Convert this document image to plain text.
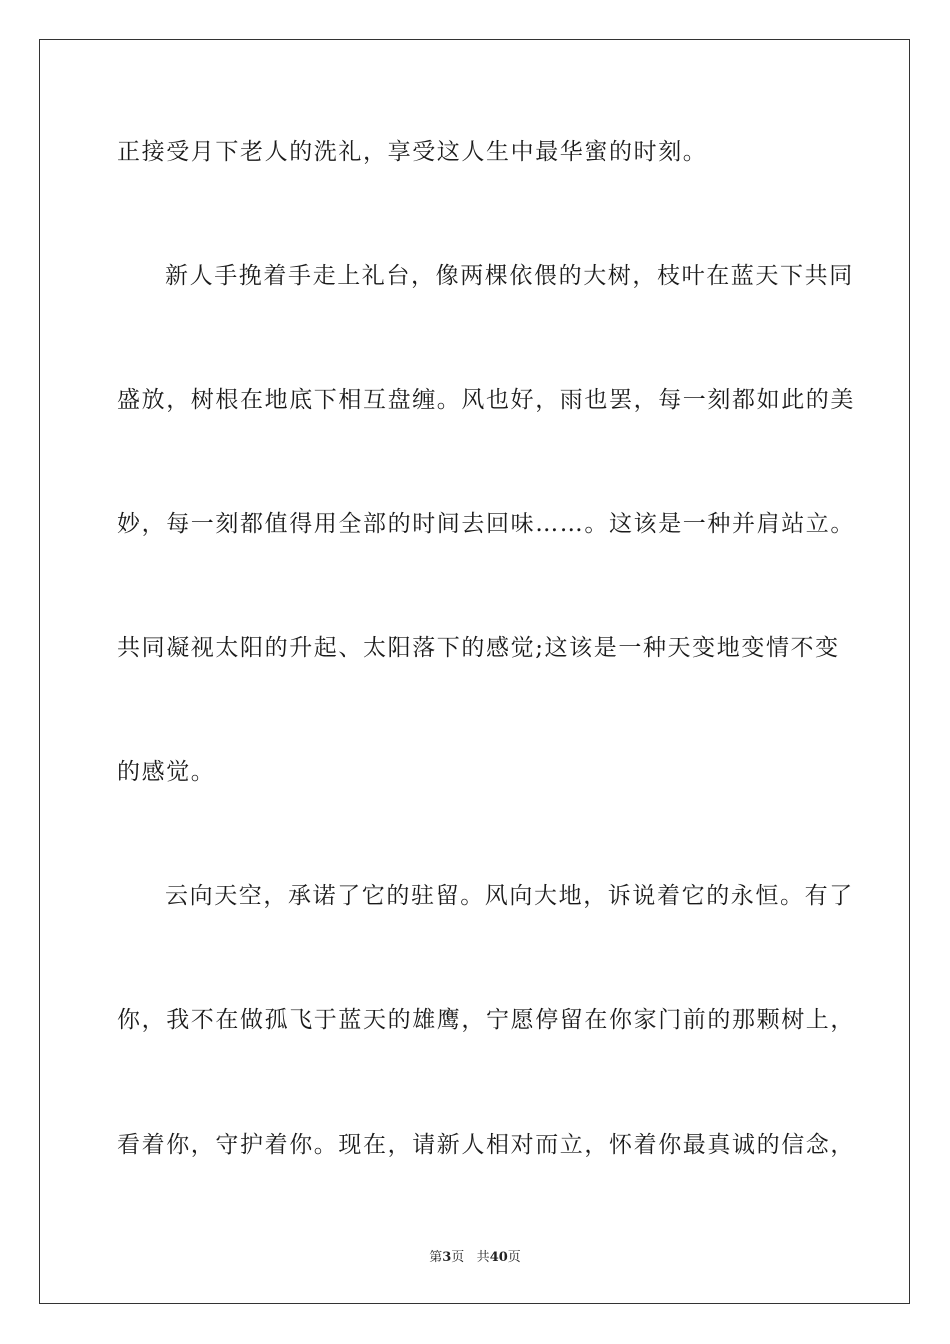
正接受月下老人的洗礼，享受这人生中最华蜜的时刻。
新人手挽着手走上礼台，像两棵依偎的大树，枝叶在蓝天下共同
盛放，树根在地底下相互盘缠。风也好，雨也罢，每一刻都如此的美
妙，每一刻都值得用全部的时间去回味……。这该是一种并肩站立。
共同凝视太阳的升起、太阳落下的感觉;这该是一种天变地变情不变
的感觉。
云向天空，承诺了它的驻留。风向大地，诉说着它的永恒。有了
你，我不在做孤飞于蓝天的雄鹰，宁愿停留在你家门前的那颗树上，
看着你，守护着你。现在，请新人相对而立，怀着你最真诚的信念，
第3页 共40页
